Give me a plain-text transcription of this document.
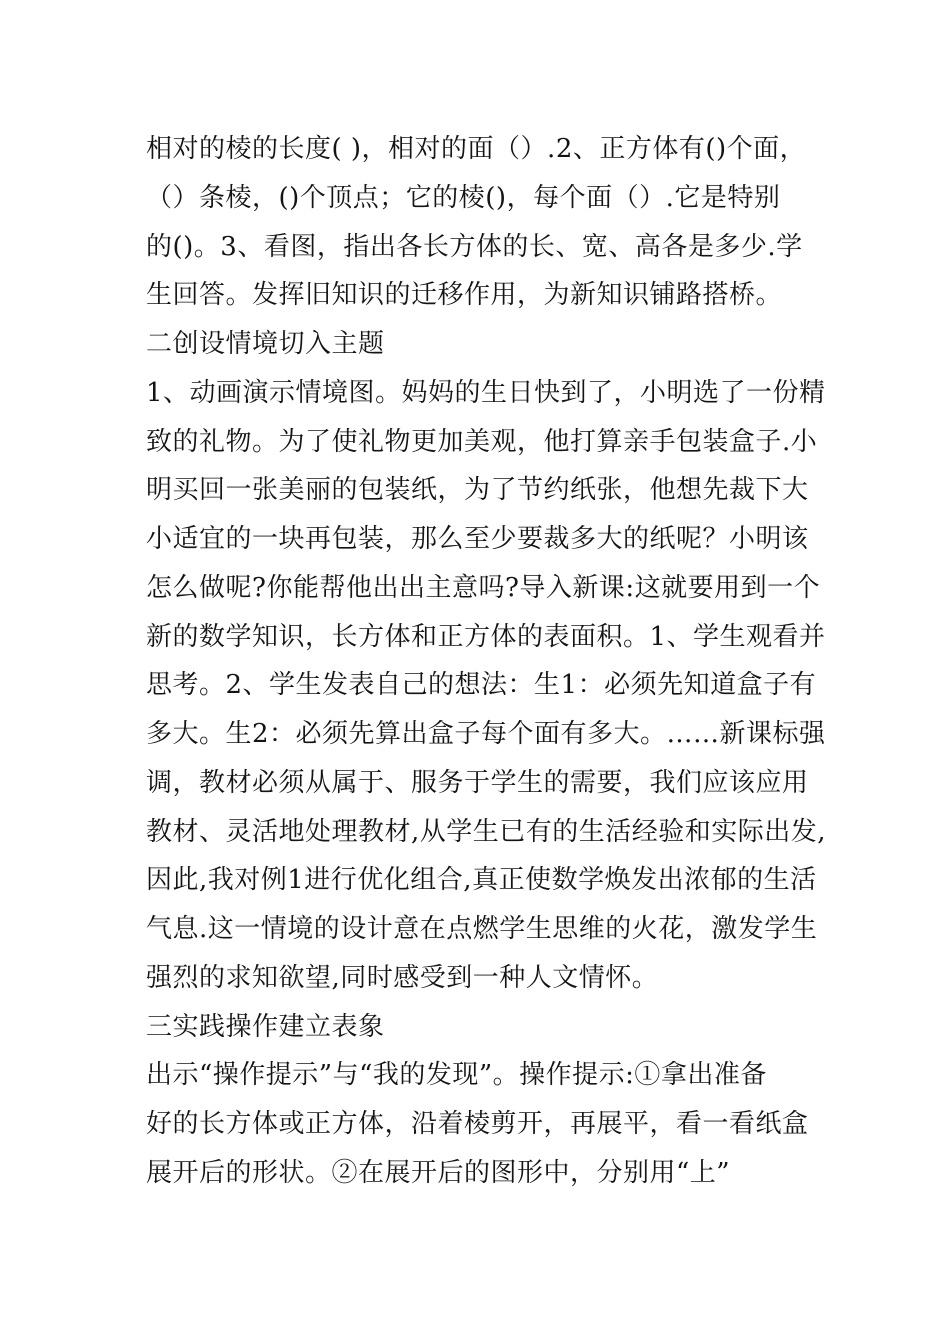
相对的棱的长度( )，相对的面（）.2、正方体有()个面，
（）条棱，()个顶点；它的棱()，每个面（）.它是特别
的()。3、看图，指出各长方体的长、宽、高各是多少.学
生回答。发挥旧知识的迁移作用，为新知识铺路搭桥。
二创设情境切入主题
1、动画演示情境图。妈妈的生日快到了，小明选了一份精
致的礼物。为了使礼物更加美观，他打算亲手包装盒子.小
明买回一张美丽的包装纸，为了节约纸张，他想先裁下大
小适宜的一块再包装，那么至少要裁多大的纸呢？小明该
怎么做呢?你能帮他出出主意吗?导入新课:这就要用到一个
新的数学知识，长方体和正方体的表面积。1、学生观看并
思考。2、学生发表自己的想法：生1：必须先知道盒子有
多大。生2：必须先算出盒子每个面有多大。……新课标强
调，教材必须从属于、服务于学生的需要，我们应该应用
教材、灵活地处理教材,从学生已有的生活经验和实际出发,
因此,我对例1进行优化组合,真正使数学焕发出浓郁的生活
气息.这一情境的设计意在点燃学生思维的火花，激发学生
强烈的求知欲望,同时感受到一种人文情怀。
三实践操作建立表象
出示“操作提示”与“我的发现”。操作提示:①拿出准备
好的长方体或正方体，沿着棱剪开，再展平，看一看纸盒
展开后的形状。②在展开后的图形中，分别用“上”
